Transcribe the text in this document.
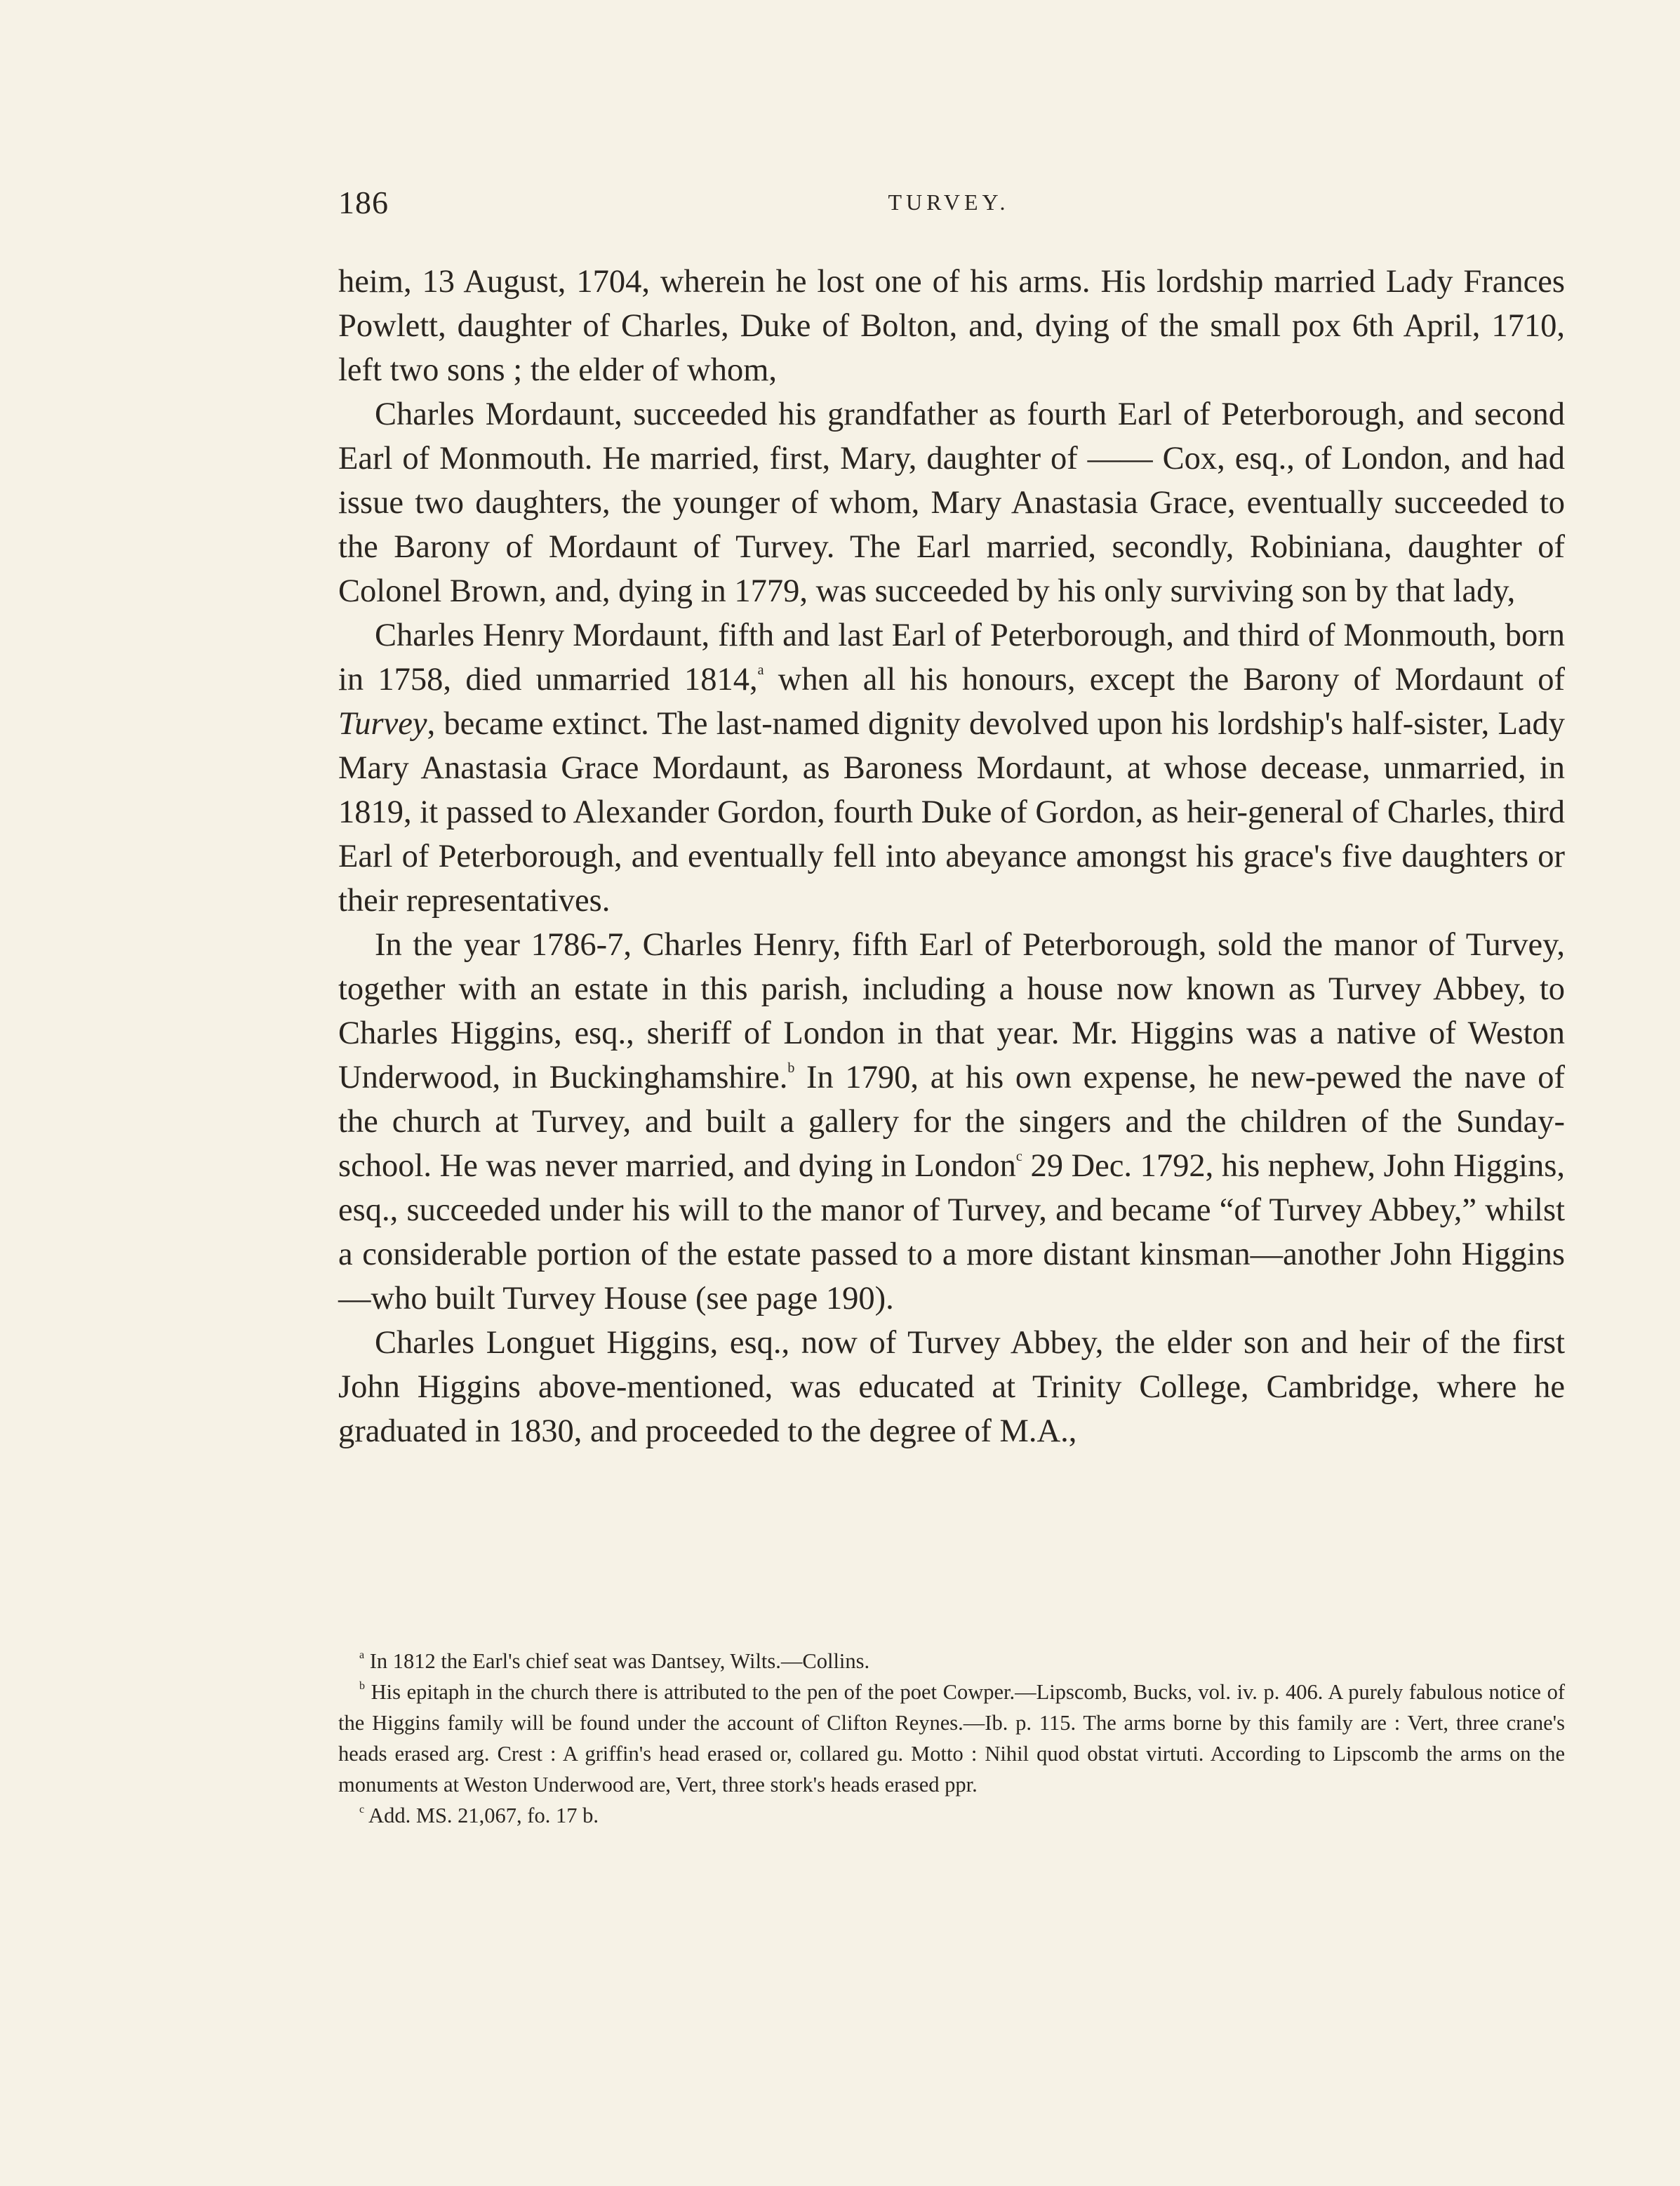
186	TURVEY.

heim, 13 August, 1704, wherein he lost one of his arms. His lordship married Lady Frances Powlett, daughter of Charles, Duke of Bolton, and, dying of the small pox 6th April, 1710, left two sons ; the elder of whom,

Charles Mordaunt, succeeded his grandfather as fourth Earl of Peterborough, and second Earl of Monmouth. He married, first, Mary, daughter of —— Cox, esq., of London, and had issue two daughters, the younger of whom, Mary Anastasia Grace, eventually succeeded to the Barony of Mordaunt of Turvey. The Earl married, secondly, Robiniana, daughter of Colonel Brown, and, dying in 1779, was succeeded by his only surviving son by that lady,

Charles Henry Mordaunt, fifth and last Earl of Peterborough, and third of Monmouth, born in 1758, died unmarried 1814,$^a$ when all his honours, except the Barony of Mordaunt of Turvey, became extinct. The last-named dignity devolved upon his lordship's half-sister, Lady Mary Anastasia Grace Mordaunt, as Baroness Mordaunt, at whose decease, unmarried, in 1819, it passed to Alexander Gordon, fourth Duke of Gordon, as heir-general of Charles, third Earl of Peterborough, and eventually fell into abeyance amongst his grace's five daughters or their representatives.

In the year 1786-7, Charles Henry, fifth Earl of Peterborough, sold the manor of Turvey, together with an estate in this parish, including a house now known as Turvey Abbey, to Charles Higgins, esq., sheriff of London in that year. Mr. Higgins was a native of Weston Underwood, in Buckinghamshire.$^b$ In 1790, at his own expense, he new-pewed the nave of the church at Turvey, and built a gallery for the singers and the children of the Sunday-school. He was never married, and dying in London$^c$ 29 Dec. 1792, his nephew, John Higgins, esq., succeeded under his will to the manor of Turvey, and became “of Turvey Abbey,” whilst a considerable portion of the estate passed to a more distant kinsman—another John Higgins—who built Turvey House (see page 190).

Charles Longuet Higgins, esq., now of Turvey Abbey, the elder son and heir of the first John Higgins above-mentioned, was educated at Trinity College, Cambridge, where he graduated in 1830, and proceeded to the degree of M.A.,

$^a$ In 1812 the Earl's chief seat was Dantsey, Wilts.—Collins.

$^b$ His epitaph in the church there is attributed to the pen of the poet Cowper.—Lipscomb, Bucks, vol. iv. p. 406. A purely fabulous notice of the Higgins family will be found under the account of Clifton Reynes.—Ib. p. 115. The arms borne by this family are : Vert, three crane's heads erased arg. Crest : A griffin's head erased or, collared gu. Motto : Nihil quod obstat virtuti. According to Lipscomb the arms on the monuments at Weston Underwood are, Vert, three stork's heads erased ppr.

$^c$ Add. MS. 21,067, fo. 17 b.
